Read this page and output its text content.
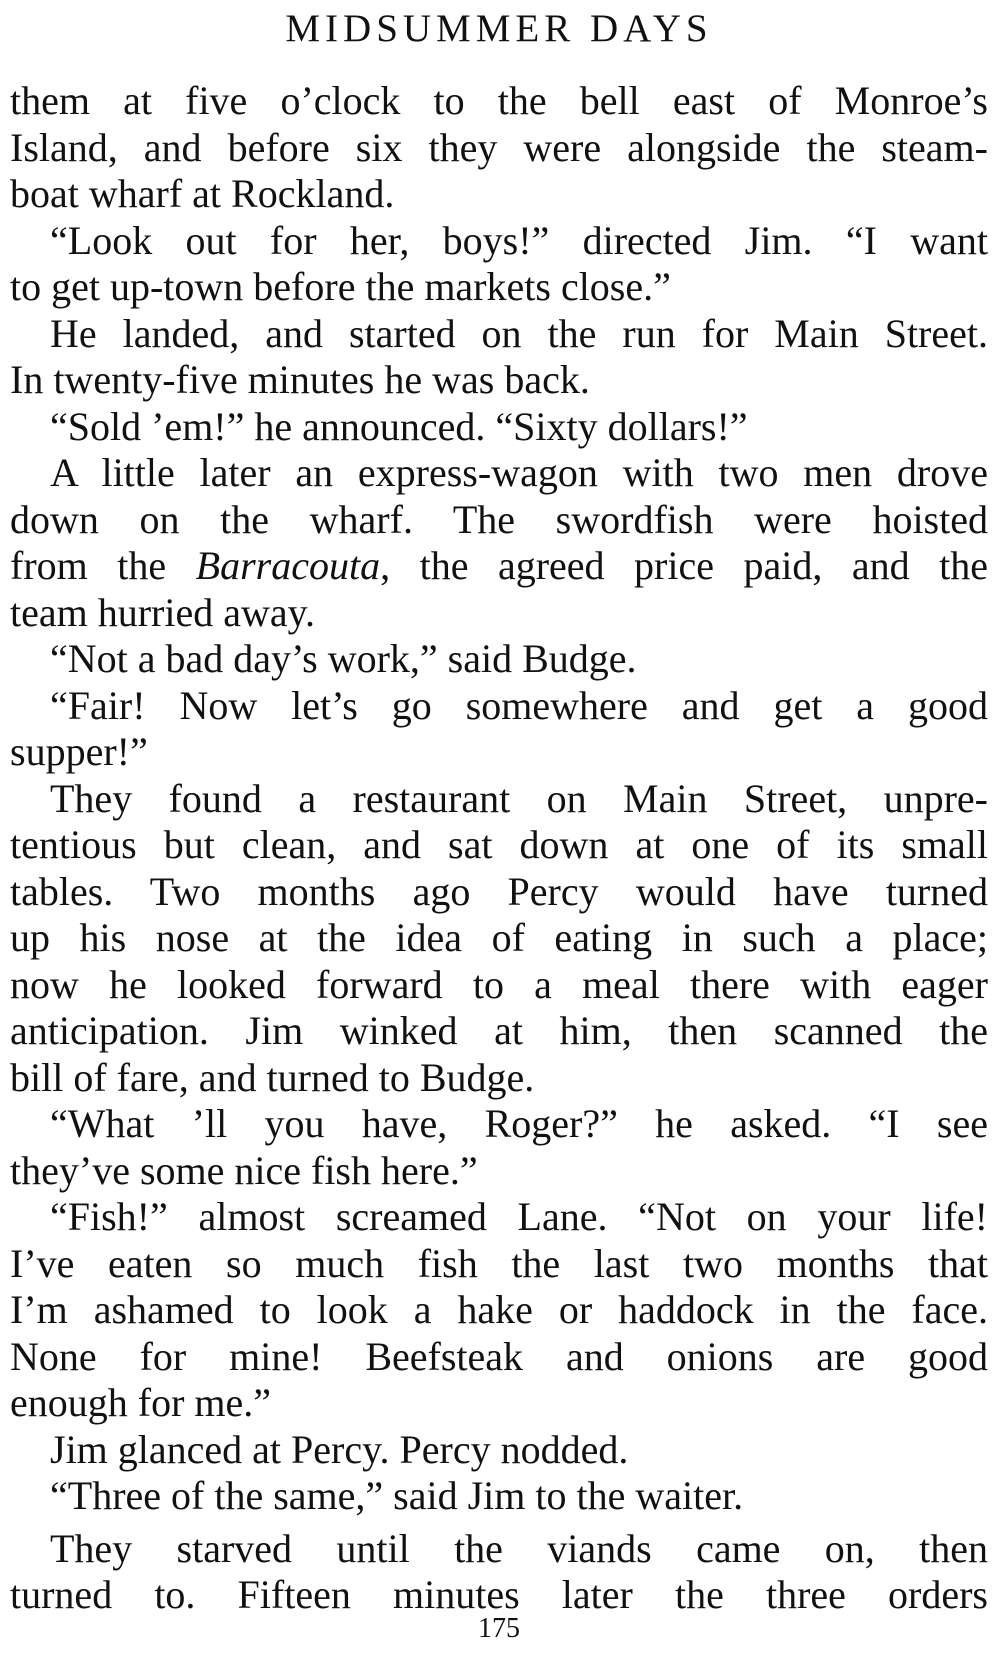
MIDSUMMER DAYS

them at five o’clock to the bell east of Monroe’s
Island, and before six they were alongside the steam-
boat wharf at Rockland.

“Look out for her, boys!” directed Jim. “I want
to get up-town before the markets close.”

He landed, and started on the run for Main Street.
In twenty-five minutes he was back.

“Sold ’em!” he announced. “Sixty dollars!”

A little later an express-wagon with two men drove
down on the wharf. The swordfish were hoisted
from the Barracouta, the agreed price paid, and the
team hurried away.

“Not a bad day’s work,” said Budge.

“Fair! Now let’s go somewhere and get a good
supper!”

They found a restaurant on Main Street, unpre-
tentious but clean, and sat down at one of its small
tables. Two months ago Percy would have turned
up his nose at the idea of eating in such a place;
now he looked forward to a meal there with eager
anticipation. Jim winked at him, then scanned the
bill of fare, and turned to Budge.

“What ’ll you have, Roger?” he asked. “I see
they’ve some nice fish here.”

“Fish!” almost screamed Lane. “Not on your life!
I’ve eaten so much fish the last two months that
I’m ashamed to look a hake or haddock in the face.
None for mine! Beefsteak and onions are good
enough for me.”

Jim glanced at Percy. Percy nodded.

“Three of the same,” said Jim to the waiter.

They starved until the viands came on, then
turned to. Fifteen minutes later the three orders

175
